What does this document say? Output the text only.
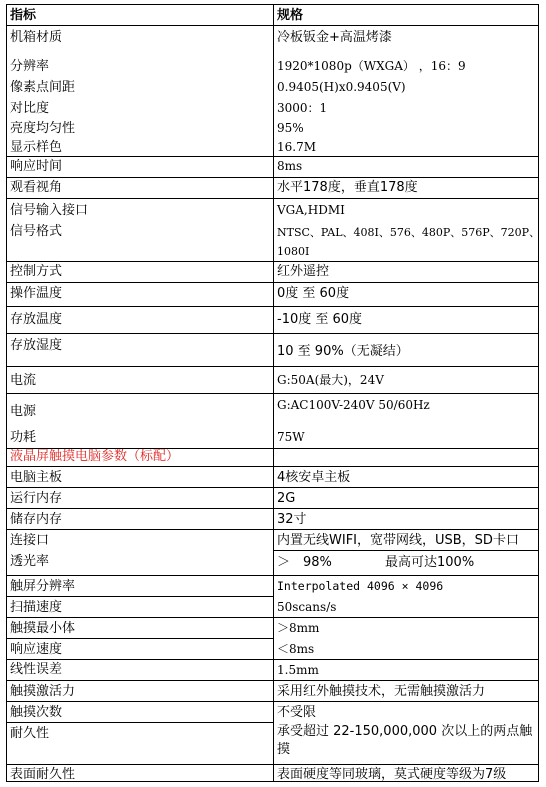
指标	规格
机箱材质	冷板钣金+高温烤漆
分辨率	1920*1080p（WXGA） ，16：9
像素点间距	0.9405(H)x0.9405(V)
对比度	3000：1
亮度均匀性	95%
显示样色	16.7M
响应时间	8ms
观看视角	水平178度，垂直178度
信号输入接口	VGA,HDMI
信号格式	NTSC、PAL、408I、576、480P、576P、720P、
1080I
控制方式	红外遥控
操作温度	0度 至 60度
存放温度	-10度 至 60度
存放湿度	10 至 90%（无凝结）
电流	G:50A(最大)，24V
电源	G:AC100V-240V 50/60Hz
功耗	75W
液晶屏触摸电脑参数（标配）
电脑主板	4核安卓主板
运行内存	2G
储存内存	32寸
连接口	内置无线WIFI，宽带网线，USB，SD卡口
透光率	＞　98%	最高可达100%
触屏分辨率	Interpolated 4096 × 4096
扫描速度	50scans/s
触摸最小体	＞8mm
响应速度	＜8ms
线性误差	1.5mm
触摸激活力	采用红外触摸技术，无需触摸激活力
触摸次数	不受限
耐久性	承受超过 22-150,000,000 次以上的两点触摸
表面耐久性	表面硬度等同玻璃，莫式硬度等级为7级
